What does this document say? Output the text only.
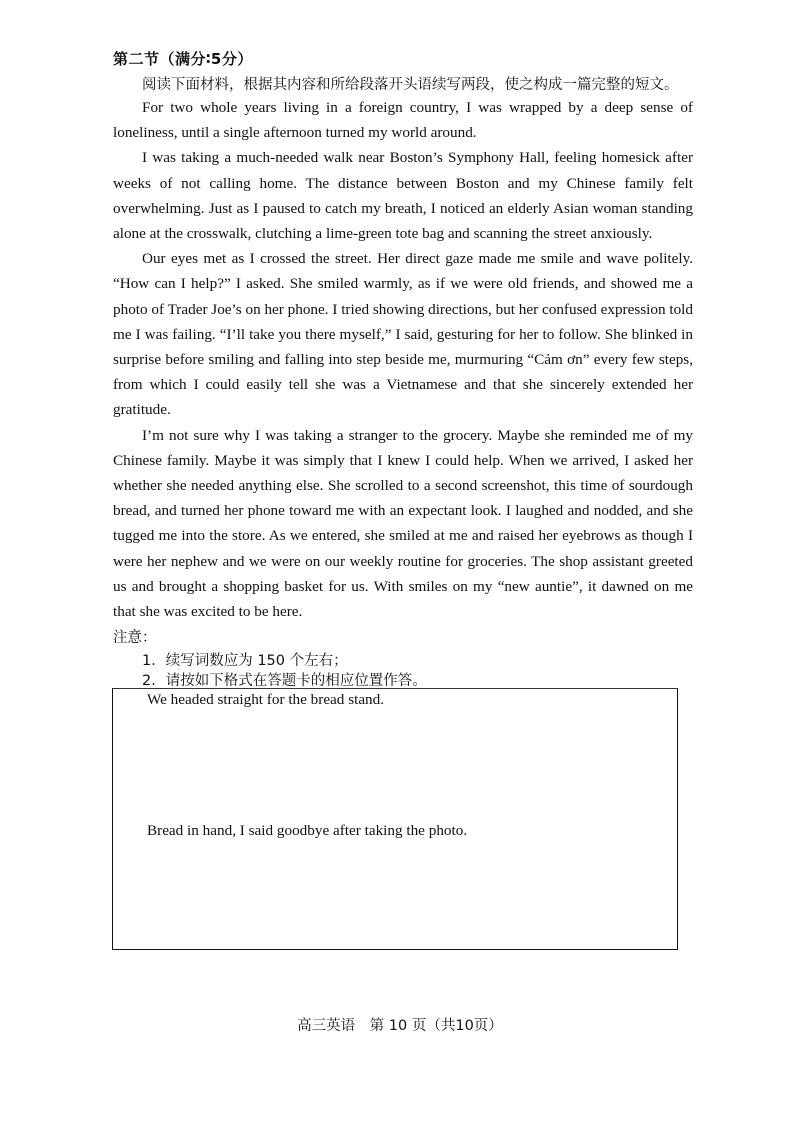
第二节（满分∶5分）
阅读下面材料，根据其内容和所给段落开头语续写两段，使之构成一篇完整的短文。

For two whole years living in a foreign country, I was wrapped by a deep sense of loneliness, until a single afternoon turned my world around.

I was taking a much-needed walk near Boston’s Symphony Hall, feeling homesick after weeks of not calling home. The distance between Boston and my Chinese family felt overwhelming. Just as I paused to catch my breath, I noticed an elderly Asian woman standing alone at the crosswalk, clutching a lime-green tote bag and scanning the street anxiously.

Our eyes met as I crossed the street. Her direct gaze made me smile and wave politely. “How can I help?” I asked. She smiled warmly, as if we were old friends, and showed me a photo of Trader Joe’s on her phone. I tried showing directions, but her confused expression told me I was failing. “I’ll take you there myself,” I said, gesturing for her to follow. She blinked in surprise before smiling and falling into step beside me, murmuring “Cảm ơn” every few steps, from which I could easily tell she was a Vietnamese and that she sincerely extended her gratitude.

I’m not sure why I was taking a stranger to the grocery. Maybe she reminded me of my Chinese family. Maybe it was simply that I knew I could help. When we arrived, I asked her whether she needed anything else. She scrolled to a second screenshot, this time of sourdough bread, and turned her phone toward me with an expectant look. I laughed and nodded, and she tugged me into the store. As we entered, she smiled at me and raised her eyebrows as though I were her nephew and we were on our weekly routine for groceries. The shop assistant greeted us and brought a shopping basket for us. With smiles on my “new auntie”, it dawned on me that she was excited to be here.

注意：
1．续写词数应为 150 个左右；
2．请按如下格式在答题卡的相应位置作答。
We headed straight for the bread stand.
Bread in hand, I said goodbye after taking the photo.
高三英语　第 10 页（共10页）
